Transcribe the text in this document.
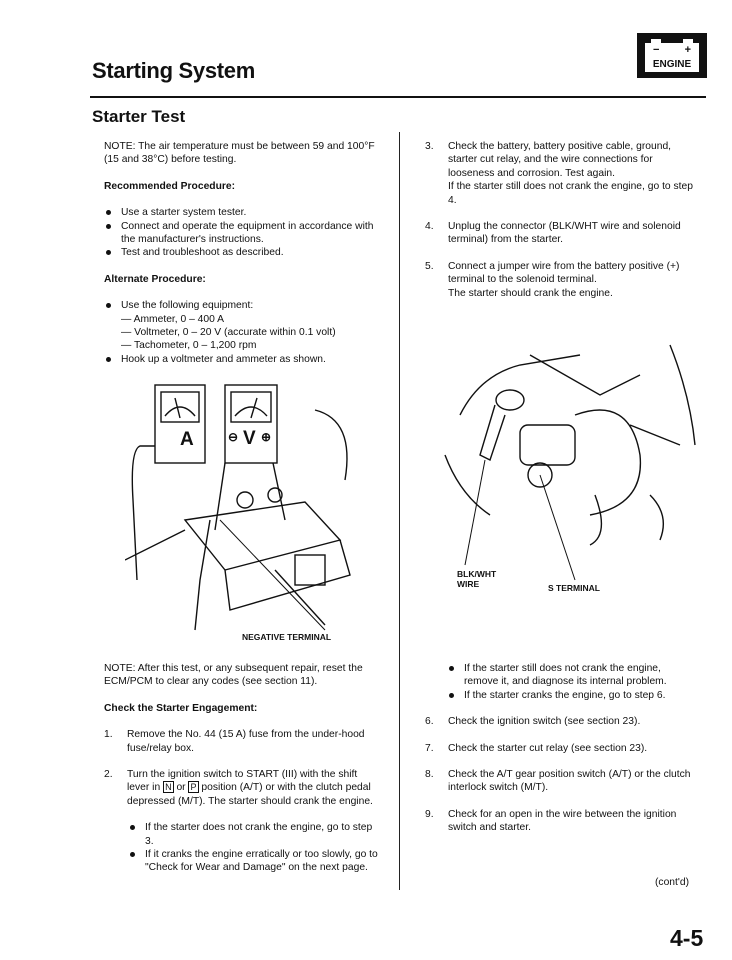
Starting System
− +
ENGINE
Starter Test

NOTE: The air temperature must be between 59 and 100°F (15 and 38°C) before testing.

Recommended Procedure:

Use a starter system tester.
Connect and operate the equipment in accordance with the manufacturer's instructions.
Test and troubleshoot as described.

Alternate Procedure:

Use the following equipment:
— Ammeter, 0 – 400 A
— Voltmeter, 0 – 20 V (accurate within 0.1 volt)
— Tachometer, 0 – 1,200 rpm
Hook up a voltmeter and ammeter as shown.
A	⊖ V ⊕
NEGATIVE TERMINAL

NOTE: After this test, or any subsequent repair, reset the ECM/PCM to clear any codes (see section 11).

Check the Starter Engagement:

1. Remove the No. 44 (15 A) fuse from the under-hood fuse/relay box.

2. Turn the ignition switch to START (III) with the shift lever in N or P position (A/T) or with the clutch pedal depressed (M/T). The starter should crank the engine.

If the starter does not crank the engine, go to step 3.
If it cranks the engine erratically or too slowly, go to "Check for Wear and Damage" on the next page.

3. Check the battery, battery positive cable, ground, starter cut relay, and the wire connections for looseness and corrosion. Test again.
If the starter still does not crank the engine, go to step 4.

4. Unplug the connector (BLK/WHT wire and solenoid terminal) from the starter.

5. Connect a jumper wire from the battery positive (+) terminal to the solenoid terminal.
The starter should crank the engine.

BLK/WHT WIRE	S TERMINAL
If the starter still does not crank the engine, remove it, and diagnose its internal problem.
If the starter cranks the engine, go to step 6.

6. Check the ignition switch (see section 23).

7. Check the starter cut relay (see section 23).

8. Check the A/T gear position switch (A/T) or the clutch interlock switch (M/T).

9. Check for an open in the wire between the ignition switch and starter.

(cont'd)
4-5
